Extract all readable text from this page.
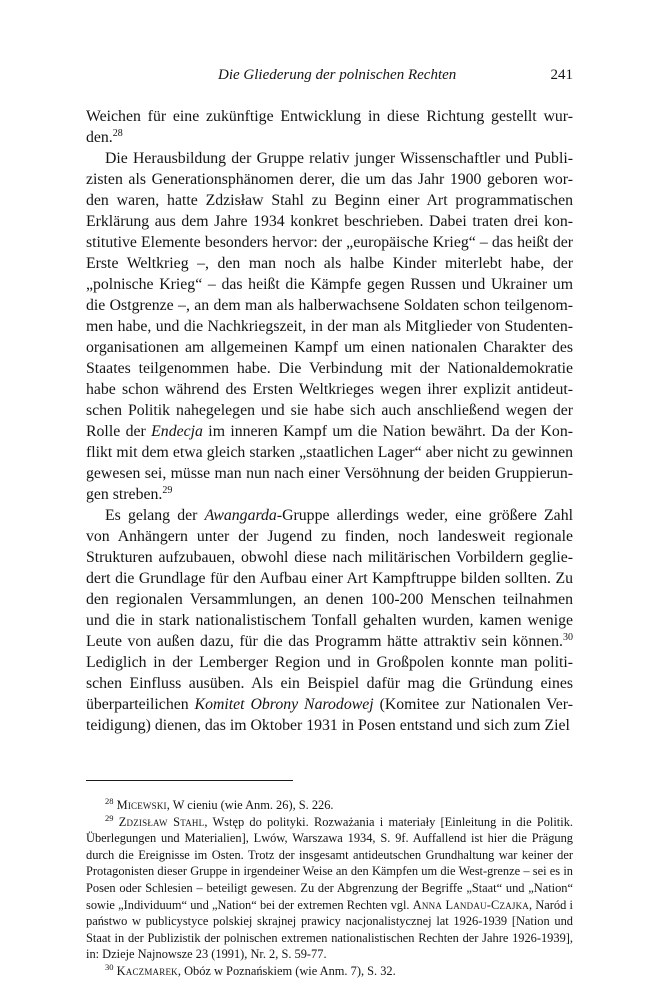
Die Gliederung der polnischen Rechten	241

Weichen für eine zukünftige Entwicklung in diese Richtung gestellt wur-den.$^{28}$

Die Herausbildung der Gruppe relativ junger Wissenschaftler und Publi-zisten als Generationsphänomen derer, die um das Jahr 1900 geboren wor-den waren, hatte Zdzisław Stahl zu Beginn einer Art programmatischen Erklärung aus dem Jahre 1934 konkret beschrieben. Dabei traten drei kon-stitutive Elemente besonders hervor: der „europäische Krieg“ – das heißt der Erste Weltkrieg –, den man noch als halbe Kinder miterlebt habe, der „polnische Krieg“ – das heißt die Kämpfe gegen Russen und Ukrainer um die Ostgrenze –, an dem man als halberwachsene Soldaten schon teilgenom-men habe, und die Nachkriegszeit, in der man als Mitglieder von Studenten-organisationen am allgemeinen Kampf um einen nationalen Charakter des Staates teilgenommen habe. Die Verbindung mit der Nationaldemokratie habe schon während des Ersten Weltkrieges wegen ihrer explizit antideut-schen Politik nahegelegen und sie habe sich auch anschließend wegen der Rolle der Endecja im inneren Kampf um die Nation bewährt. Da der Kon-flikt mit dem etwa gleich starken „staatlichen Lager“ aber nicht zu gewinnen gewesen sei, müsse man nun nach einer Versöhnung der beiden Gruppierun-gen streben.$^{29}$

Es gelang der Awangarda-Gruppe allerdings weder, eine größere Zahl von Anhängern unter der Jugend zu finden, noch landesweit regionale Strukturen aufzubauen, obwohl diese nach militärischen Vorbildern geglie-dert die Grundlage für den Aufbau einer Art Kampftruppe bilden sollten. Zu den regionalen Versammlungen, an denen 100-200 Menschen teilnahmen und die in stark nationalistischem Tonfall gehalten wurden, kamen wenige Leute von außen dazu, für die das Programm hätte attraktiv sein können.$^{30}$ Lediglich in der Lemberger Region und in Großpolen konnte man politi-schen Einfluss ausüben. Als ein Beispiel dafür mag die Gründung eines überparteilichen Komitet Obrony Narodowej (Komitee zur Nationalen Ver-teidigung) dienen, das im Oktober 1931 in Posen entstand und sich zum Ziel

$^{28}$ Micewski, W cieniu (wie Anm. 26), S. 226.

$^{29}$ Zdzisław Stahl, Wstęp do polityki. Rozważania i materiały [Einleitung in die Politik. Überlegungen und Materialien], Lwów, Warszawa 1934, S. 9f. Auffallend ist hier die Prägung durch die Ereignisse im Osten. Trotz der insgesamt antideutschen Grundhaltung war keiner der Protagonisten dieser Gruppe in irgendeiner Weise an den Kämpfen um die West-grenze – sei es in Posen oder Schlesien – beteiligt gewesen. Zu der Abgrenzung der Begriffe „Staat“ und „Nation“ sowie „Individuum“ und „Nation“ bei der extremen Rechten vgl. Anna Landau-Czajka, Naród i państwo w publicystyce polskiej skrajnej prawicy nacjonalistycznej lat 1926-1939 [Nation und Staat in der Publizistik der polnischen extremen nationalistischen Rechten der Jahre 1926-1939], in: Dzieje Najnowsze 23 (1991), Nr. 2, S. 59-77.

$^{30}$ Kaczmarek, Obóz w Poznańskiem (wie Anm. 7), S. 32.
